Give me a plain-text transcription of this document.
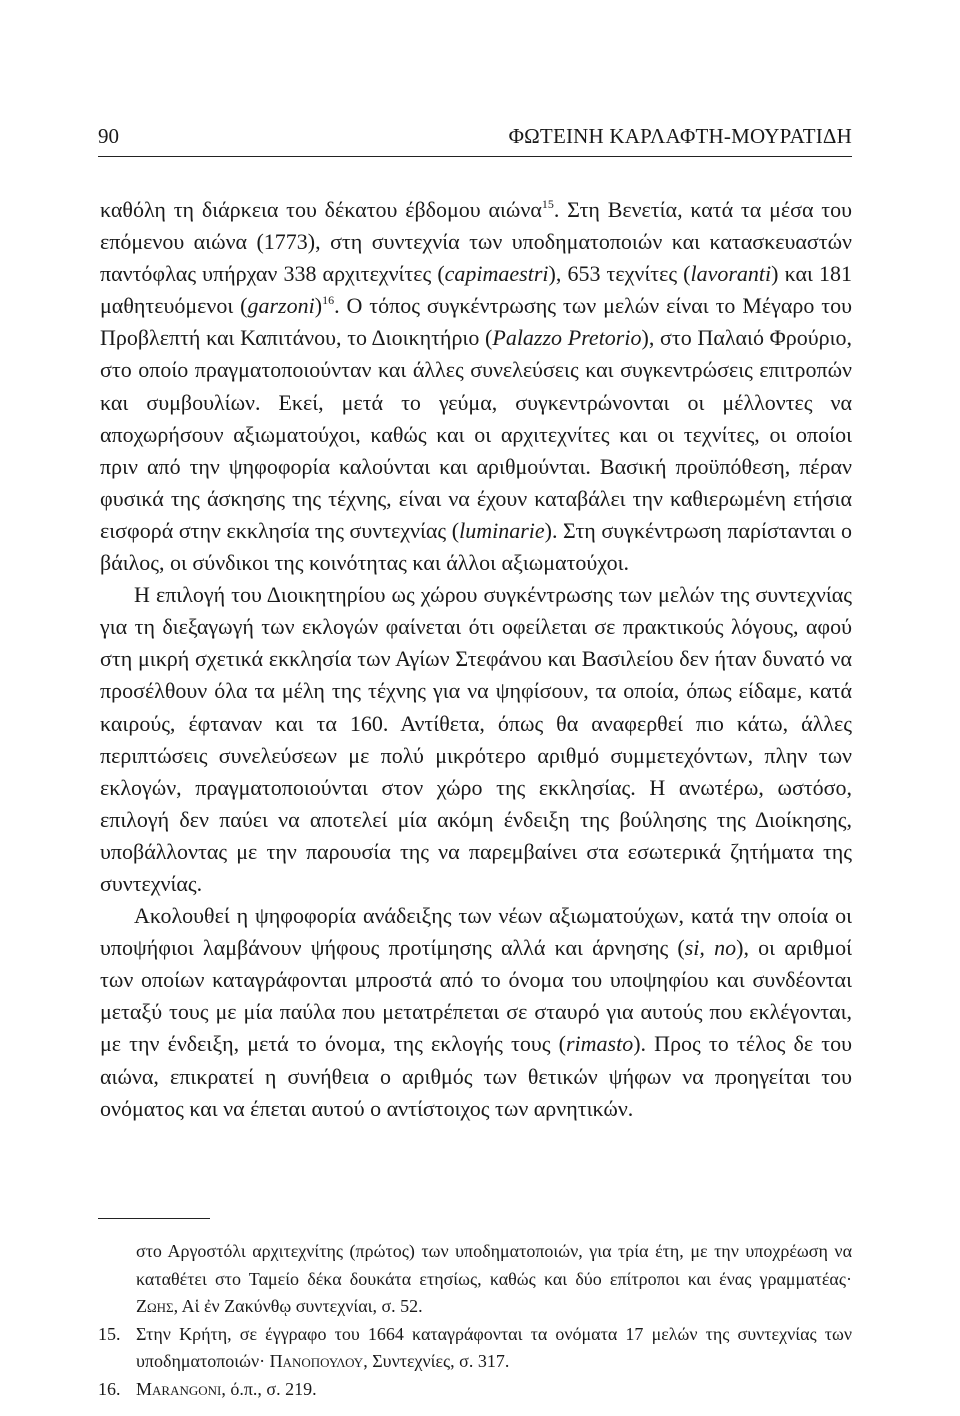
90	ΦΩΤΕΙΝΗ ΚΑΡΛΑΦΤΗ-ΜΟΥΡΑΤΙΔΗ

καθόλη τη διάρκεια του δέκατου έβδομου αιώνα$^{15}$. Στη Βενετία, κατά τα μέσα του επόμενου αιώνα (1773), στη συντεχνία των υποδηματοποιών και κατασκευαστών παντόφλας υπήρχαν 338 αρχιτεχνίτες (capimaestri), 653 τεχνίτες (lavoranti) και 181 μαθητευόμενοι (garzoni)$^{16}$. Ο τόπος συγκέντρωσης των μελών είναι το Μέγαρο του Προβλεπτή και Καπιτάνου, το Διοικητήριο (Palazzo Pretorio), στο Παλαιό Φρούριο, στο οποίο πραγματοποιούνταν και άλλες συνελεύσεις και συγκεντρώσεις επιτροπών και συμβουλίων. Εκεί, μετά το γεύμα, συγκεντρώνονται οι μέλλοντες να αποχωρήσουν αξιωματούχοι, καθώς και οι αρχιτεχνίτες και οι τεχνίτες, οι οποίοι πριν από την ψηφοφορία καλούνται και αριθμούνται. Βασική προϋπόθεση, πέραν φυσικά της άσκησης της τέχνης, είναι να έχουν καταβάλει την καθιερωμένη ετήσια εισφορά στην εκκλησία της συντεχνίας (luminarie). Στη συγκέντρωση παρίστανται ο βάιλος, οι σύνδικοι της κοινότητας και άλλοι αξιωματούχοι.

Η επιλογή του Διοικητηρίου ως χώρου συγκέντρωσης των μελών της συντεχνίας για τη διεξαγωγή των εκλογών φαίνεται ότι οφείλεται σε πρακτικούς λόγους, αφού στη μικρή σχετικά εκκλησία των Αγίων Στεφάνου και Βασιλείου δεν ήταν δυνατό να προσέλθουν όλα τα μέλη της τέχνης για να ψηφίσουν, τα οποία, όπως είδαμε, κατά καιρούς, έφταναν και τα 160. Αντίθετα, όπως θα αναφερθεί πιο κάτω, άλλες περιπτώσεις συνελεύσεων με πολύ μικρότερο αριθμό συμμετεχόντων, πλην των εκλογών, πραγματοποιούνται στον χώρο της εκκλησίας. Η ανωτέρω, ωστόσο, επιλογή δεν παύει να αποτελεί μία ακόμη ένδειξη της βούλησης της Διοίκησης, υποβάλλοντας με την παρουσία της να παρεμβαίνει στα εσωτερικά ζητήματα της συντεχνίας.

Ακολουθεί η ψηφοφορία ανάδειξης των νέων αξιωματούχων, κατά την οποία οι υποψήφιοι λαμβάνουν ψήφους προτίμησης αλλά και άρνησης (si, no), οι αριθμοί των οποίων καταγράφονται μπροστά από το όνομα του υποψηφίου και συνδέονται μεταξύ τους με μία παύλα που μετατρέπεται σε σταυρό για αυτούς που εκλέγονται, με την ένδειξη, μετά το όνομα, της εκλογής τους (rimasto). Προς το τέλος δε του αιώνα, επικρατεί η συνήθεια ο αριθμός των θετικών ψήφων να προηγείται του ονόματος και να έπεται αυτού ο αντίστοιχος των αρνητικών.

στο Αργοστόλι αρχιτεχνίτης (πρώτος) των υποδηματοποιών, για τρία έτη, με την υποχρέωση να καταθέτει στο Ταμείο δέκα δουκάτα ετησίως, καθώς και δύο επίτροποι και ένας γραμματέας· Ζωης, Αἱ ἐν Ζακύνθῳ συντεχνίαι, σ. 52.

15. Στην Κρήτη, σε έγγραφο του 1664 καταγράφονται τα ονόματα 17 μελών της συντεχνίας των υποδηματοποιών· Πανοπουλου, Συντεχνίες, σ. 317.

16. Marangoni, ό.π., σ. 219.
